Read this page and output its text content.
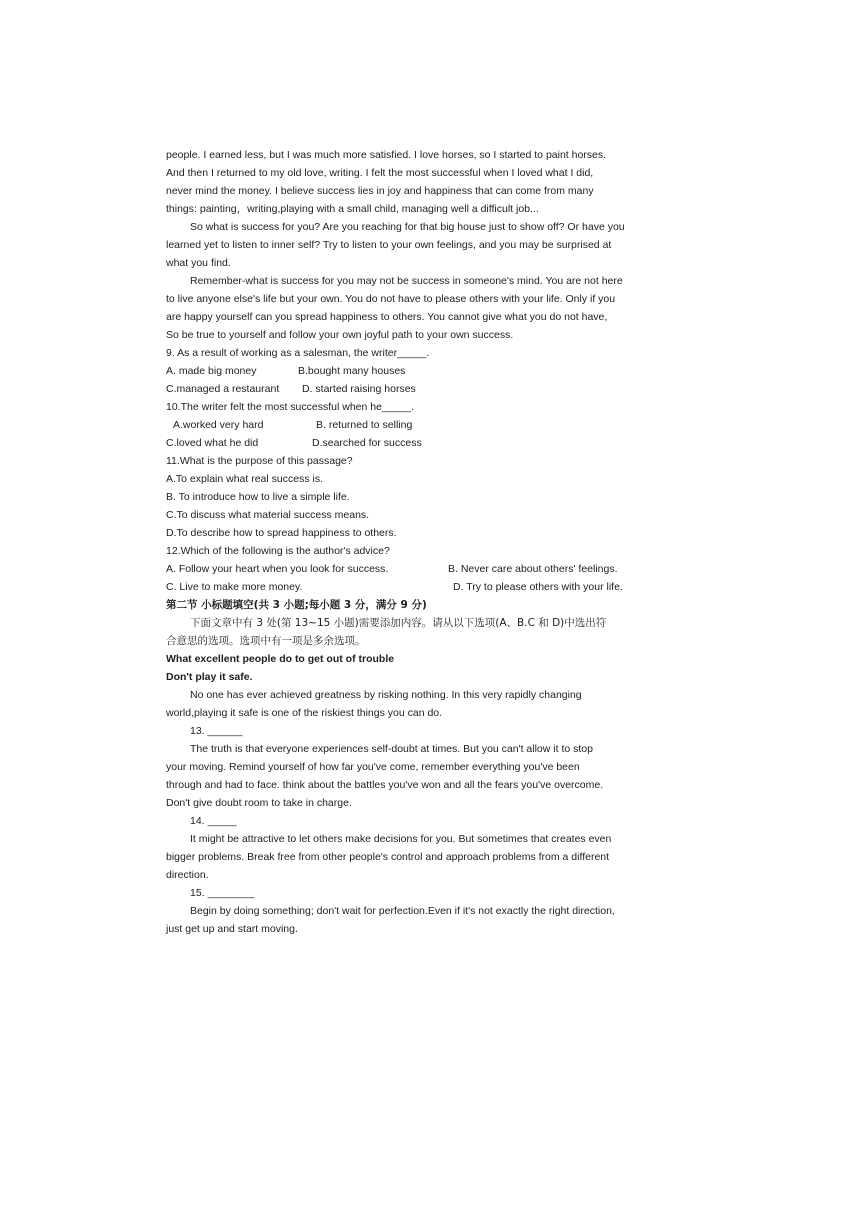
people. I earned less, but I was much more satisfied. I love horses, so I started to paint horses.
And then I returned to my old love, writing. I felt the most successful when I loved what I did,
never mind the money. I believe success lies in joy and happiness that can come from many
things: painting，writing,playing with a small child, managing well a difficult job...
So what is success for you? Are you reaching for that big house just to show off? Or have you
learned yet to listen to inner self? Try to listen to your own feelings, and you may be surprised at
what you find.
Remember-what is success for you may not be success in someone's mind. You are not here
to live anyone else's life but your own. You do not have to please others with your life. Only if you
are happy yourself can you spread happiness to others. You cannot give what you do not have,
So be true to yourself and follow your own joyful path to your own success.
9. As a result of working as a salesman, the writer_____.
A. made big money	B.bought many houses
C.managed a restaurant D. started raising horses
10.The writer felt the most successful when he_____.
A.worked very hard	B. returned to selling
C.loved what he did	D.searched for success
11.What is the purpose of this passage?
A.To explain what real success is.
B. To introduce how to live a simple life.
C.To discuss what material success means.
D.To describe how to spread happiness to others.
12.Which of the following is the author's advice?
A. Follow your heart when you look for success.	B. Never care about others' feelings.
C. Live to make more money.	D. Try to please others with your life.
第二节 小标题填空(共 3 小题;每小题 3 分，满分 9 分)
下面文章中有 3 处(第 13~15 小题)需要添加内容。请从以下选项(A、B.C 和 D)中选出符
合意思的选项。选项中有一项是多余选项。
What excellent people do to get out of trouble
Don't play it safe.
No one has ever achieved greatness by risking nothing. In this very rapidly changing
world,playing it safe is one of the riskiest things you can do.
13. ______
The truth is that everyone experiences self-doubt at times. But you can't allow it to stop
your moving. Remind yourself of how far you've come, remember everything you've been
through and had to face. think about the battles you've won and all the fears you've overcome.
Don't give doubt room to take in charge.
14. _____
It might be attractive to let others make decisions for you. But sometimes that creates even
bigger problems. Break free from other people's control and approach problems from a different
direction.
15. ________
Begin by doing something; don't wait for perfection.Even if it's not exactly the right direction,
just get up and start moving.
